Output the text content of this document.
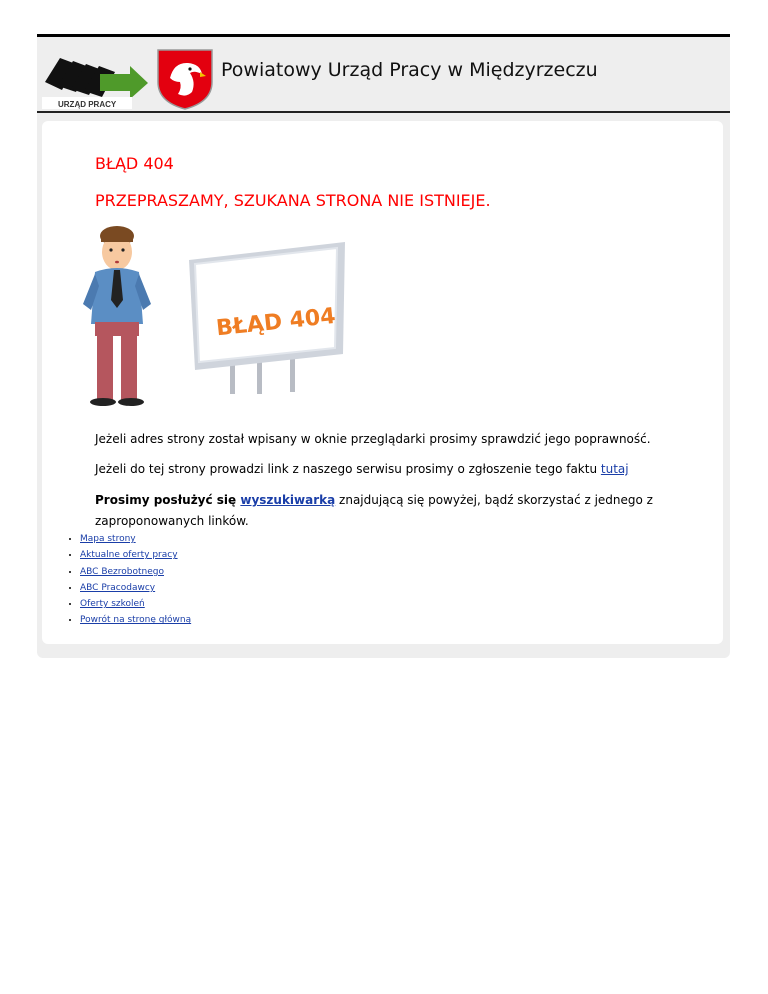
URZĄD PRACY
Powiatowy Urząd Pracy w Międzyrzeczu
BŁĄD 404
PRZEPRASZAMY, SZUKANA STRONA NIE ISTNIEJE.
BŁĄD 404

Jeżeli adres strony został wpisany w oknie przeglądarki prosimy sprawdzić jego poprawność.

Jeżeli do tej strony prowadzi link z naszego serwisu prosimy o zgłoszenie tego faktu tutaj

Prosimy posłużyć się wyszukiwarką znajdującą się powyżej, bądź skorzystać z jednego z zaproponowanych linków.

• Mapa strony
• Aktualne oferty pracy
• ABC Bezrobotnego
• ABC Pracodawcy
• Oferty szkoleń
• Powrót na stronę główną
